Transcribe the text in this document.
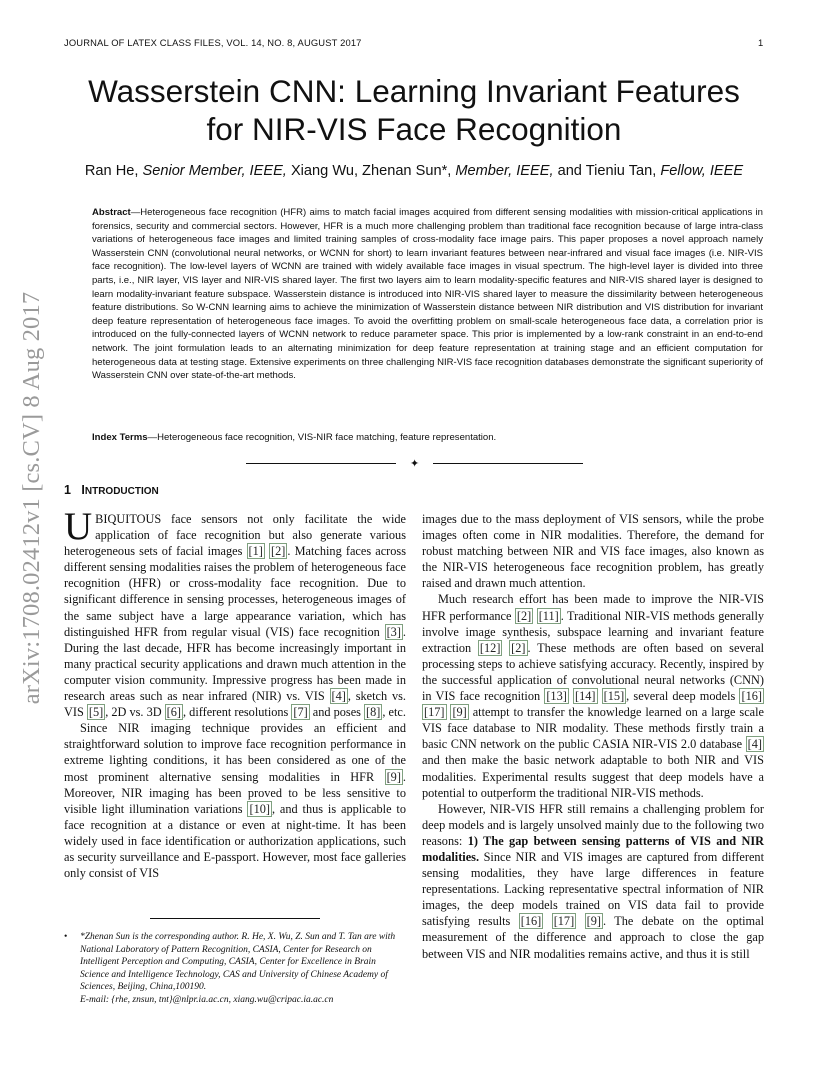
JOURNAL OF LATEX CLASS FILES, VOL. 14, NO. 8, AUGUST 2017	1
arXiv:1708.02412v1 [cs.CV] 8 Aug 2017
Wasserstein CNN: Learning Invariant Features
for NIR-VIS Face Recognition
Ran He, Senior Member, IEEE, Xiang Wu, Zhenan Sun*, Member, IEEE, and Tieniu Tan, Fellow, IEEE
Abstract—Heterogeneous face recognition (HFR) aims to match facial images acquired from different sensing modalities with mission-critical applications in forensics, security and commercial sectors. However, HFR is a much more challenging problem than traditional face recognition because of large intra-class variations of heterogeneous face images and limited training samples of cross-modality face image pairs. This paper proposes a novel approach namely Wasserstein CNN (convolutional neural networks, or WCNN for short) to learn invariant features between near-infrared and visual face images (i.e. NIR-VIS face recognition). The low-level layers of WCNN are trained with widely available face images in visual spectrum. The high-level layer is divided into three parts, i.e., NIR layer, VIS layer and NIR-VIS shared layer. The first two layers aim to learn modality-specific features and NIR-VIS shared layer is designed to learn modality-invariant feature subspace. Wasserstein distance is introduced into NIR-VIS shared layer to measure the dissimilarity between heterogeneous feature distributions. So W-CNN learning aims to achieve the minimization of Wasserstein distance between NIR distribution and VIS distribution for invariant deep feature representation of heterogeneous face images. To avoid the overfitting problem on small-scale heterogeneous face data, a correlation prior is introduced on the fully-connected layers of WCNN network to reduce parameter space. This prior is implemented by a low-rank constraint in an end-to-end network. The joint formulation leads to an alternating minimization for deep feature representation at training stage and an efficient computation for heterogeneous data at testing stage. Extensive experiments on three challenging NIR-VIS face recognition databases demonstrate the significant superiority of Wasserstein CNN over state-of-the-art methods.
Index Terms—Heterogeneous face recognition, VIS-NIR face matching, feature representation.
✦
1 INTRODUCTION

UBIQUITOUS face sensors not only facilitate the wide application of face recognition but also generate various heterogeneous sets of facial images [1] [2] . Matching faces across different sensing modalities raises the problem of heterogeneous face recognition (HFR) or cross-modality face recognition. Due to significant difference in sensing processes, heterogeneous images of the same subject have a large appearance variation, which has distinguished HFR from regular visual (VIS) face recognition [3] . During the last decade, HFR has become increasingly important in many practical security applications and drawn much attention in the computer vision community. Impressive progress has been made in research areas such as near infrared (NIR) vs. VIS [4] , sketch vs. VIS [5] , 2D vs. 3D [6] , different resolutions [7] and poses [8] , etc.

Since NIR imaging technique provides an efficient and straightforward solution to improve face recognition performance in extreme lighting conditions, it has been considered as one of the most prominent alternative sensing modalities in HFR [9] . Moreover, NIR imaging has been proved to be less sensitive to visible light illumination variations [10] , and thus is applicable to face recognition at a distance or even at night-time. It has been widely used in face identification or authorization applications, such as security surveillance and E-passport. However, most face galleries only consist of VIS

images due to the mass deployment of VIS sensors, while the probe images often come in NIR modalities. Therefore, the demand for robust matching between NIR and VIS face images, also known as the NIR-VIS heterogeneous face recognition problem, has greatly raised and drawn much attention.

Much research effort has been made to improve the NIR-VIS HFR performance [2] [11] . Traditional NIR-VIS methods generally involve image synthesis, subspace learning and invariant feature extraction [12] [2] . These methods are often based on several processing steps to achieve satisfying accuracy. Recently, inspired by the successful application of convolutional neural networks (CNN) in VIS face recognition [13] [14] [15] , several deep models [16] [17] [9] attempt to transfer the knowledge learned on a large scale VIS face database to NIR modality. These methods firstly train a basic CNN network on the public CASIA NIR-VIS 2.0 database [4] and then make the basic network adaptable to both NIR and VIS modalities. Experimental results suggest that deep models have a potential to outperform the traditional NIR-VIS methods.

However, NIR-VIS HFR still remains a challenging problem for deep models and is largely unsolved mainly due to the following two reasons: 1) The gap between sensing patterns of VIS and NIR modalities. Since NIR and VIS images are captured from different sensing modalities, they have large differences in feature representations. Lacking representative spectral information of NIR images, the deep models trained on VIS data fail to provide satisfying results [16] [17] [9] . The debate on the optimal measurement of the difference and approach to close the gap between VIS and NIR modalities remains active, and thus it is still

• *Zhenan Sun is the corresponding author. R. He, X. Wu, Z. Sun and T. Tan are with National Laboratory of Pattern Recognition, CASIA, Center for Research on Intelligent Perception and Computing, CASIA, Center for Excellence in Brain Science and Intelligence Technology, CAS and University of Chinese Academy of Sciences, Beijing, China,100190.
E-mail: {rhe, znsun, tnt}@nlpr.ia.ac.cn, xiang.wu@cripac.ia.ac.cn
